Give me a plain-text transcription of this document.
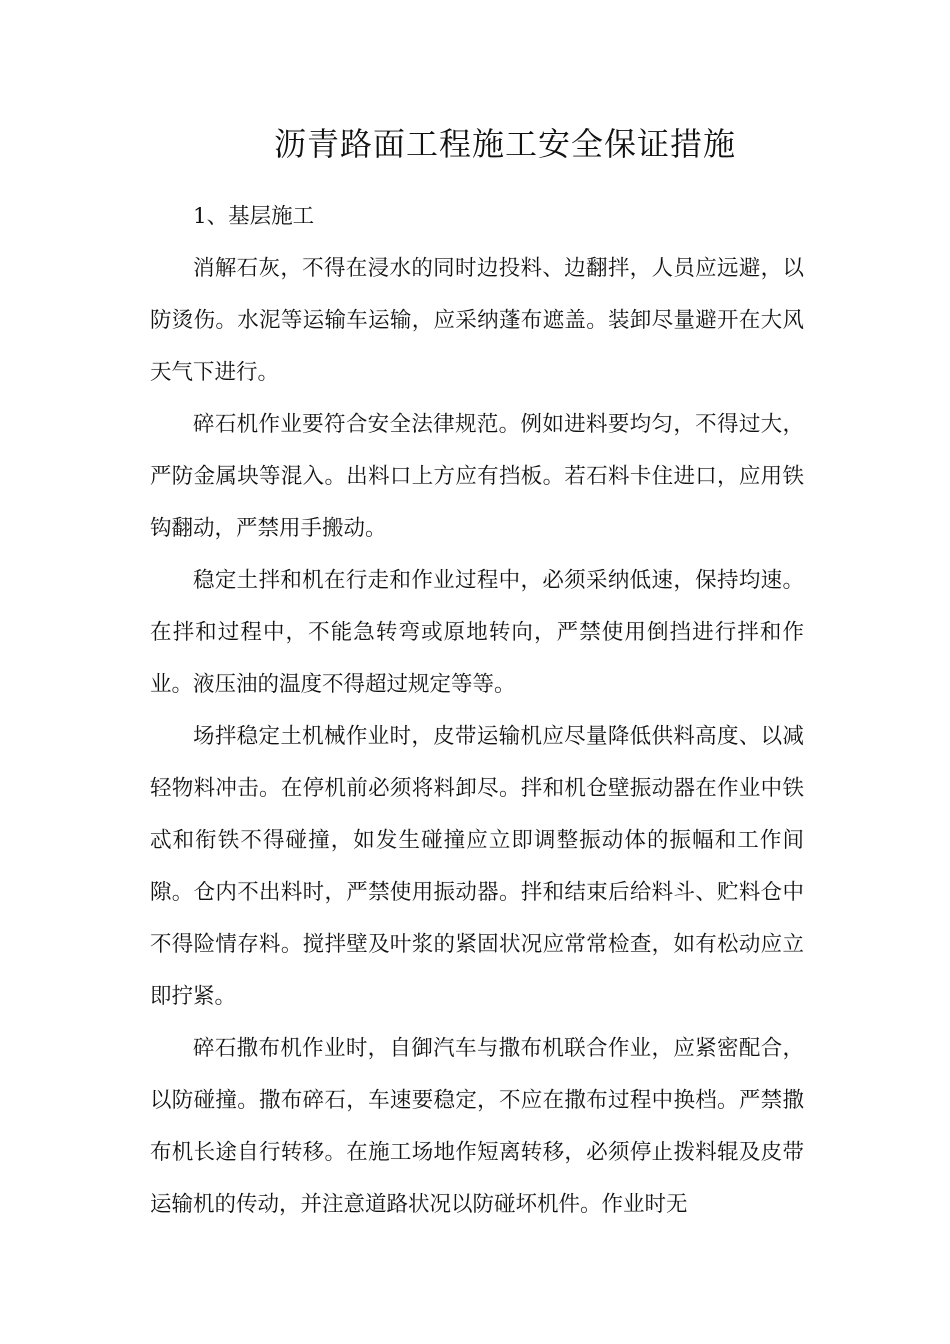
沥青路面工程施工安全保证措施

1、基层施工

消解石灰，不得在浸水的同时边投料、边翻拌，人员应远避，以防烫伤。水泥等运输车运输，应采纳蓬布遮盖。装卸尽量避开在大风天气下进行。

碎石机作业要符合安全法律规范。例如进料要均匀，不得过大，严防金属块等混入。出料口上方应有挡板。若石料卡住进口，应用铁钩翻动，严禁用手搬动。

稳定土拌和机在行走和作业过程中，必须采纳低速，保持均速。在拌和过程中，不能急转弯或原地转向，严禁使用倒挡进行拌和作业。液压油的温度不得超过规定等等。

场拌稳定土机械作业时，皮带运输机应尽量降低供料高度、以减轻物料冲击。在停机前必须将料卸尽。拌和机仓壁振动器在作业中铁忒和衔铁不得碰撞，如发生碰撞应立即调整振动体的振幅和工作间隙。仓内不出料时，严禁使用振动器。拌和结束后给料斗、贮料仓中不得险情存料。搅拌壁及叶浆的紧固状况应常常检查，如有松动应立即拧紧。

碎石撒布机作业时，自御汽车与撒布机联合作业，应紧密配合，以防碰撞。撒布碎石，车速要稳定，不应在撒布过程中换档。严禁撒布机长途自行转移。在施工场地作短离转移，必须停止拨料辊及皮带运输机的传动，并注意道路状况以防碰坏机件。作业时无
